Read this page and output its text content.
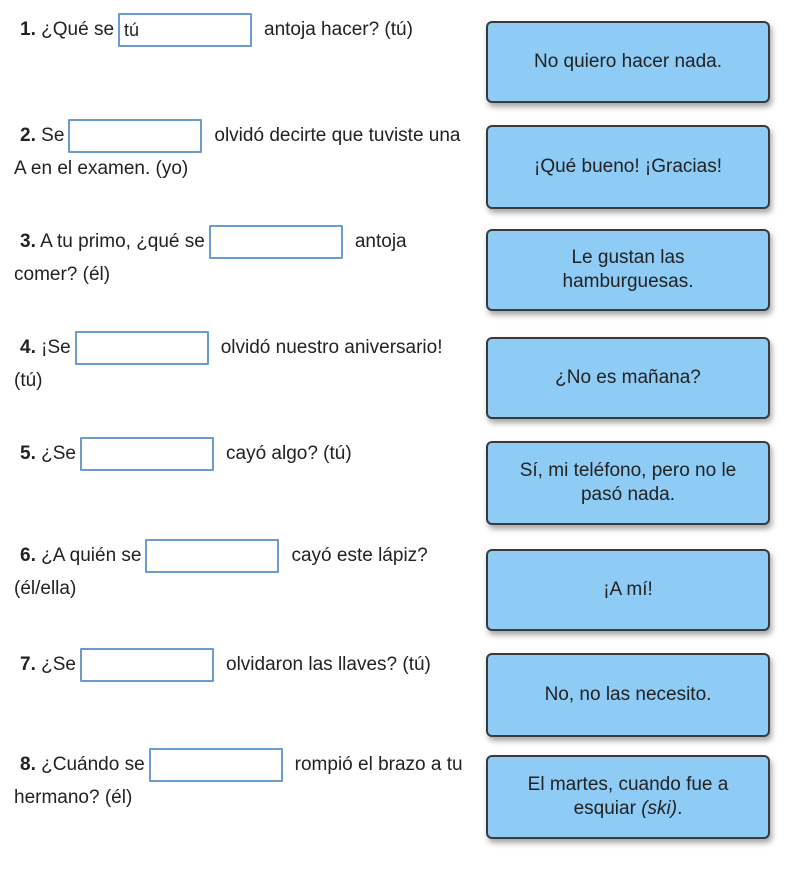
1. ¿Qué setú	antoja hacer? (tú)
2. Se	olvidó decirte que tuviste una A en el examen. (yo)
3. A tu primo, ¿qué se	antoja comer? (él)
4. ¡Se	olvidó nuestro aniversario! (tú)
5. ¿Se	cayó algo? (tú)
6. ¿A quién se	cayó este lápiz? (él/ella)
7. ¿Se	olvidaron las llaves? (tú)
8. ¿Cuándo se	rompió el brazo a tu hermano? (él)
No quiero hacer nada.
¡Qué bueno! ¡Gracias!
Le gustan las hamburguesas.
¿No es mañana?
Sí, mi teléfono, pero no le pasó nada.
¡A mí!
No, no las necesito.
El martes, cuando fue a esquiar (ski).
